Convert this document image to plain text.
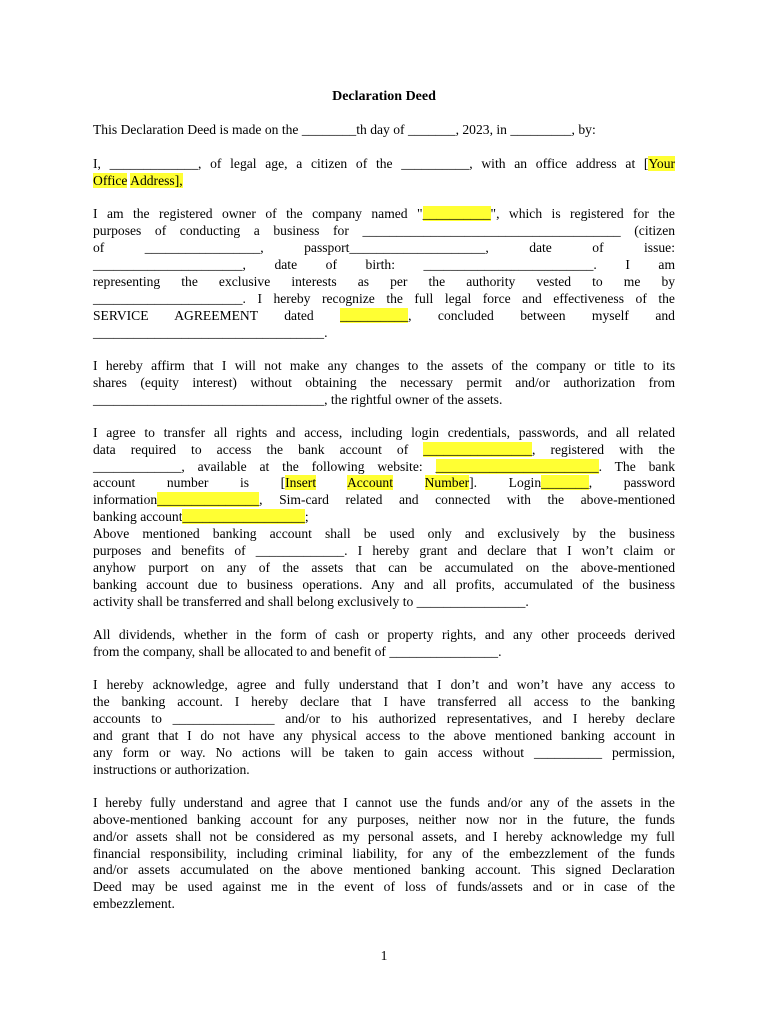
Declaration Deed
This Declaration Deed is made on the ________th day of _______, 2023, in _________, by:
I, _____________, of legal age, a citizen of the __________, with an office address at [Your
Office Address],
I am the registered owner of the company named "__________", which is registered for the
purposes of conducting a business for ______________________________________ (citizen
of	_________________,	passport____________________,	date	of	issue:
______________________, date of birth: _________________________. I am
representing the exclusive interests as per the authority vested to me by
______________________. I hereby recognize the full legal force and effectiveness of the
SERVICE AGREEMENT dated __________, concluded between myself and
__________________________________.
I hereby affirm that I will not make any changes to the assets of the company or title to its
shares (equity interest) without obtaining the necessary permit and/or authorization from
__________________________________, the rightful owner of the assets.
I agree to transfer all rights and access, including login credentials, passwords, and all related
data required to access the bank account of ________________, registered with the
_____________, available at the following website: ________________________. The bank
account number is [Insert Account Number]. Login_______, password
information_______________, Sim-card related and connected with the above-mentioned
banking account__________________;
Above mentioned banking account shall be used only and exclusively by the business
purposes and benefits of _____________. I hereby grant and declare that I won’t claim or
anyhow purport on any of the assets that can be accumulated on the above-mentioned
banking account due to business operations. Any and all profits, accumulated of the business
activity shall be transferred and shall belong exclusively to ________________.
All dividends, whether in the form of cash or property rights, and any other proceeds derived
from the company, shall be allocated to and benefit of ________________.
I hereby acknowledge, agree and fully understand that I don’t and won’t have any access to
the banking account. I hereby declare that I have transferred all access to the banking
accounts to _______________ and/or to his authorized representatives, and I hereby declare
and grant that I do not have any physical access to the above mentioned banking account in
any form or way. No actions will be taken to gain access without __________ permission,
instructions or authorization.
I hereby fully understand and agree that I cannot use the funds and/or any of the assets in the
above-mentioned banking account for any purposes, neither now nor in the future, the funds
and/or assets shall not be considered as my personal assets, and I hereby acknowledge my full
financial responsibility, including criminal liability, for any of the embezzlement of the funds
and/or assets accumulated on the above mentioned banking account. This signed Declaration
Deed may be used against me in the event of loss of funds/assets and or in case of the
embezzlement.
1
